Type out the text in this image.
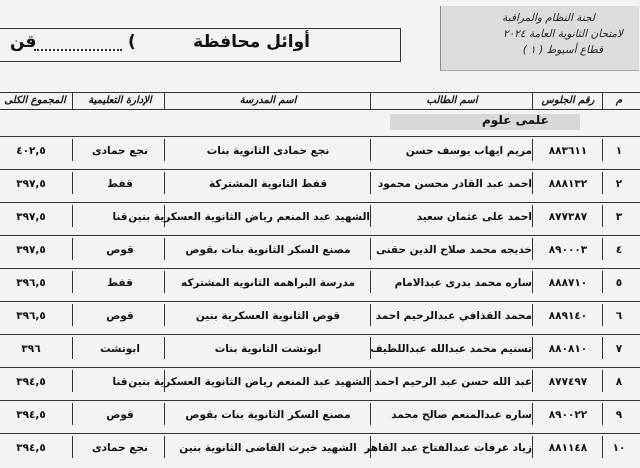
لجنة النظام والمراقبة
لامتحان الثانوية العامة ٢٠٢٤
قطاع أسيوط ( ١ )
أوائل محافظة
(
قن
م
رقم الجلوس
اسم الطالب
اسم المدرسة
الإدارة التعليمية
المجموع الكلى
علمى علوم
١
٨٨٣٦١١
مريم ايهاب يوسف حسن
نجع حمادى الثانوية بنات
نجع حمادى
٤٠٢,٥
٢
٨٨٨١٣٢
احمد عبد القادر محسن محمود
قفط الثانوية المشتركة
قفط
٣٩٧,٥
٣
٨٧٧٣٨٧
احمد على عثمان سعيد
الشهيد عبد المنعم رياض الثانوية العسكرية بنين
قنا
٣٩٧,٥
٤
٨٩٠٠٠٣
خديجه محمد صلاح الدين حقنى
مصنع السكر الثانوية بنات بقوص
قوص
٣٩٧,٥
٥
٨٨٨٧١٠
ساره محمد بدرى عبدالامام
مدرسة البراهمه الثانويه المشتركه
قفط
٣٩٦,٥
٦
٨٨٩١٤٠
محمد القذافي عبدالرحيم احمد
قوص الثانوية العسكرية بنين
قوص
٣٩٦,٥
٧
٨٨٠٨١٠
تسنيم محمد عبدالله عبداللطيف
ابوتشت الثانوية بنات
ابوتشت
٣٩٦
٨
٨٧٧٤٩٧
عبد الله حسن عبد الرحيم احمد
الشهيد عبد المنعم رياض الثانوية العسكرية بنين
قنا
٣٩٤,٥
٩
٨٩٠٠٢٢
ساره عبدالمنعم صالح محمد
مصنع السكر الثانوية بنات بقوص
قوص
٣٩٤,٥
١٠
٨٨١١٤٨
زياد عرفات عبدالفتاح عبد القاهر
الشهيد خيرت القاضى الثانوية بنين
نجع حمادى
٣٩٤,٥
